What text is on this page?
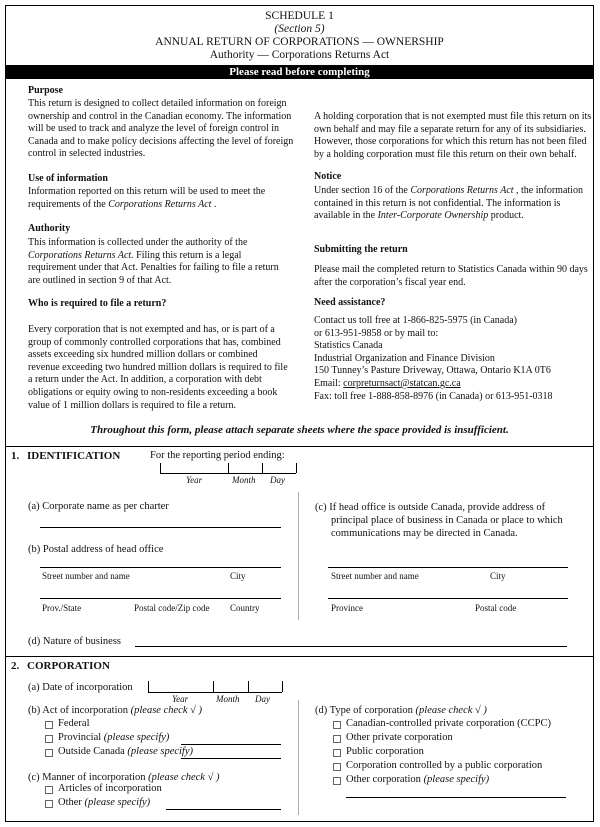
SCHEDULE 1
(Section 5)
ANNUAL RETURN OF CORPORATIONS — OWNERSHIP
Authority — Corporations Returns Act
Please read before completing
Purpose
This return is designed to collect detailed information on foreign
ownership and control in the Canadian economy. The information
will be used to track and analyze the level of foreign control in
Canada and to make policy decisions affecting the level of foreign
control in selected industries.
Use of information
Information reported on this return will be used to meet the
requirements of the Corporations Returns Act .
Authority
This information is collected under the authority of the
Corporations Returns Act. Filing this return is a legal
requirement under that Act. Penalties for failing to file a return
are outlined in section 9 of that Act.
Who is required to file a return?
Every corporation that is not exempted and has, or is part of a
group of commonly controlled corporations that has, combined
assets exceeding six hundred million dollars or combined
revenue exceeding two hundred million dollars is required to file
a return under the Act. In addition, a corporation with debt
obligations or equity owing to non-residents exceeding a book
value of 1 million dollars is required to file a return.
A holding corporation that is not exempted must file this return on its
own behalf and may file a separate return for any of its subsidiaries.
However, those corporations for which this return has not been filed
by a holding corporation must file this return on their own behalf.
Notice
Under section 16 of the Corporations Returns Act , the information
contained in this return is not confidential. The information is
available in the Inter-Corporate Ownership product.
Submitting the return
Please mail the completed return to Statistics Canada within 90 days
after the corporation’s fiscal year end.
Need assistance?
Contact us toll free at 1-866-825-5975 (in Canada)
or 613-951-9858 or by mail to:
Statistics Canada
Industrial Organization and Finance Division
150 Tunney’s Pasture Driveway, Ottawa, Ontario K1A 0T6
Email: corpreturnsact@statcan.gc.ca
Fax: toll free 1-888-858-8976 (in Canada) or 613-951-0318
Throughout this form, please attach separate sheets where the space provided is insufficient.
1. IDENTIFICATION	For the reporting period ending:
Year	Month Day
(a) Corporate name as per charter
(b) Postal address of head office
Street number and name	City
Prov./State	Postal code/Zip code Country
(c) If head office is outside Canada, provide address of
principal place of business in Canada or place to which
communications may be directed in Canada.
Street number and name	City
Province	Postal code
(d) Nature of business
2. CORPORATION
(a) Date of incorporation
Year	Month Day
(b) Act of incorporation (please check √ )
Federal
Provincial (please specify)
Outside Canada (please specify)
(c) Manner of incorporation (please check √ )
Articles of incorporation
Other (please specify)
(d) Type of corporation (please check √ )
Canadian-controlled private corporation (CCPC)
Other private corporation
Public corporation
Corporation controlled by a public corporation
Other corporation (please specify)
